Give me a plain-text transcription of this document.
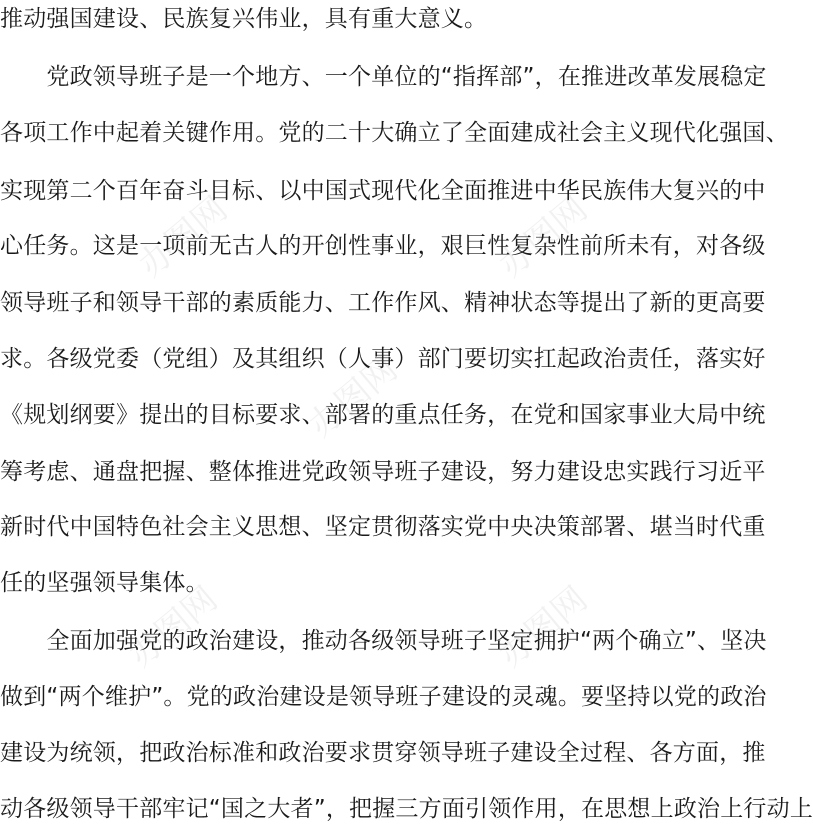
推动强国建设、民族复兴伟业，具有重大意义。
　　党政领导班子是一个地方、一个单位的“指挥部”，在推进改革发展稳定
各项工作中起着关键作用。党的二十大确立了全面建成社会主义现代化强国、
实现第二个百年奋斗目标、以中国式现代化全面推进中华民族伟大复兴的中
心任务。这是一项前无古人的开创性事业，艰巨性复杂性前所未有，对各级
领导班子和领导干部的素质能力、工作作风、精神状态等提出了新的更高要
求。各级党委（党组）及其组织（人事）部门要切实扛起政治责任，落实好
《规划纲要》提出的目标要求、部署的重点任务，在党和国家事业大局中统
筹考虑、通盘把握、整体推进党政领导班子建设，努力建设忠实践行习近平
新时代中国特色社会主义思想、坚定贯彻落实党中央决策部署、堪当时代重
任的坚强领导集体。
　　全面加强党的政治建设，推动各级领导班子坚定拥护“两个确立”、坚决
做到“两个维护”。党的政治建设是领导班子建设的灵魂。要坚持以党的政治
建设为统领，把政治标准和政治要求贯穿领导班子建设全过程、各方面，推
动各级领导干部牢记“国之大者”，把握三方面引领作用，在思想上政治上行动上
办图网	办图网
办图网
办图网	办图网
